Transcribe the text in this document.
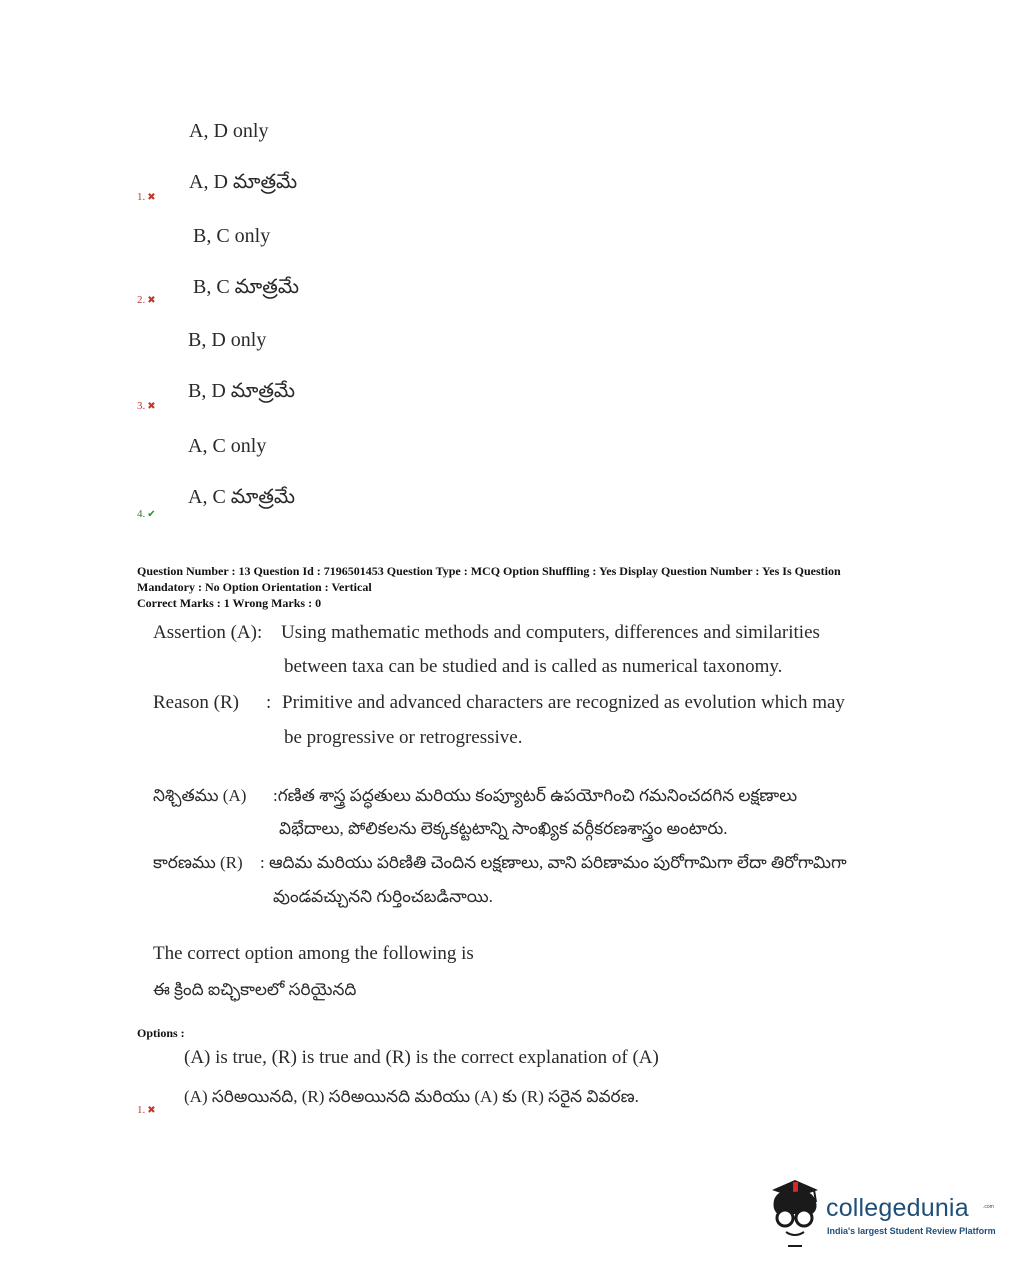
A, D only
A, D మాత్రమే
1. ✖
B, C only
B, C మాత్రమే
2. ✖
B, D only
B, D మాత్రమే
3. ✖
A, C only
A, C మాత్రమే
4. ✔
Question Number : 13 Question Id : 7196501453 Question Type : MCQ Option Shuffling : Yes Display Question Number : Yes Is Question
Mandatory : No Option Orientation : Vertical
Correct Marks : 1 Wrong Marks : 0
Assertion (A): Using mathematic methods and computers, differences and similarities
between taxa can be studied and is called as numerical taxonomy.
Reason (R) : Primitive and advanced characters are recognized as evolution which may
be progressive or retrogressive.
నిశ్చితము (A) :గణిత శాస్త్ర పద్ధతులు మరియు కంప్యూటర్ ఉపయోగించి గమనించదగిన లక్షణాలు
విభేదాలు, పోలికలను లెక్కకట్టటాన్ని సాంఖ్యిక వర్గీకరణశాస్త్రం అంటారు.
కారణము (R) : ఆదిమ మరియు పరిణితి చెందిన లక్షణాలు, వాని పరిణామం పురోగామిగా లేదా తిరోగామిగా
వుండవచ్చునని గుర్తించబడినాయి.
The correct option among the following is
ఈ క్రింది ఐచ్ఛికాలలో సరియైనది
Options :
(A) is true, (R) is true and (R) is the correct explanation of (A)
(A) సరిఅయినది, (R) సరిఅయినది మరియు (A) కు (R) సరైన వివరణ.
1. ✖
collegedunia	.com
India's largest Student Review Platform
